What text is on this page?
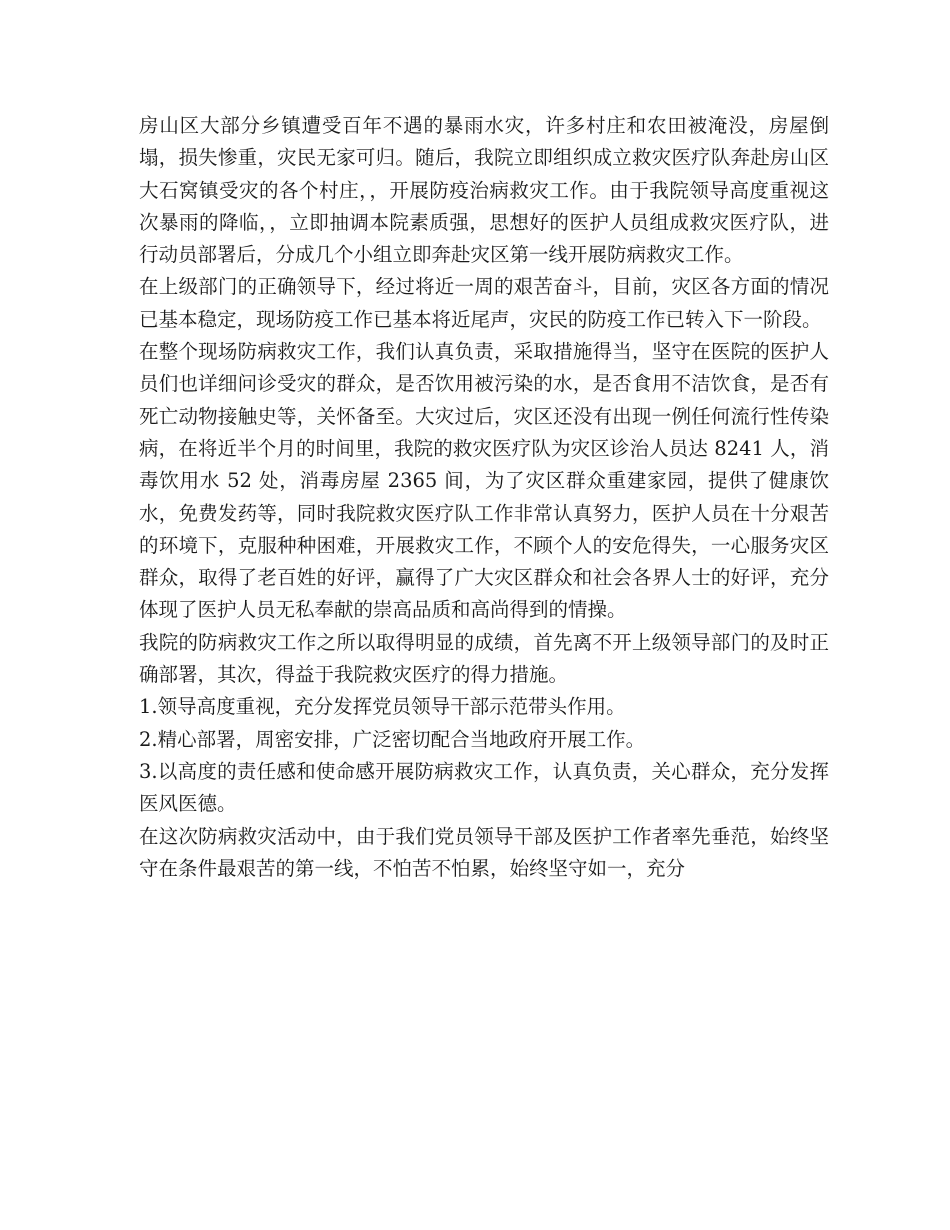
房山区大部分乡镇遭受百年不遇的暴雨水灾，许多村庄和农田被淹没，房屋倒塌，损失惨重，灾民无家可归。随后，我院立即组织成立救灾医疗队奔赴房山区大石窝镇受灾的各个村庄，，开展防疫治病救灾工作。由于我院领导高度重视这次暴雨的降临，，立即抽调本院素质强，思想好的医护人员组成救灾医疗队，进行动员部署后，分成几个小组立即奔赴灾区第一线开展防病救灾工作。

在上级部门的正确领导下，经过将近一周的艰苦奋斗，目前，灾区各方面的情况已基本稳定，现场防疫工作已基本将近尾声，灾民的防疫工作已转入下一阶段。

在整个现场防病救灾工作，我们认真负责，采取措施得当，坚守在医院的医护人员们也详细问诊受灾的群众，是否饮用被污染的水，是否食用不洁饮食，是否有死亡动物接触史等，关怀备至。大灾过后，灾区还没有出现一例任何流行性传染病，在将近半个月的时间里，我院的救灾医疗队为灾区诊治人员达 8241 人，消毒饮用水 52 处，消毒房屋 2365 间，为了灾区群众重建家园，提供了健康饮水，免费发药等，同时我院救灾医疗队工作非常认真努力，医护人员在十分艰苦的环境下，克服种种困难，开展救灾工作，不顾个人的安危得失，一心服务灾区群众，取得了老百姓的好评，赢得了广大灾区群众和社会各界人士的好评，充分体现了医护人员无私奉献的崇高品质和高尚得到的情操。

我院的防病救灾工作之所以取得明显的成绩，首先离不开上级领导部门的及时正确部署，其次，得益于我院救灾医疗的得力措施。

1.领导高度重视，充分发挥党员领导干部示范带头作用。

2.精心部署，周密安排，广泛密切配合当地政府开展工作。

3.以高度的责任感和使命感开展防病救灾工作，认真负责，关心群众，充分发挥医风医德。

在这次防病救灾活动中，由于我们党员领导干部及医护工作者率先垂范，始终坚守在条件最艰苦的第一线，不怕苦不怕累，始终坚守如一，充分
